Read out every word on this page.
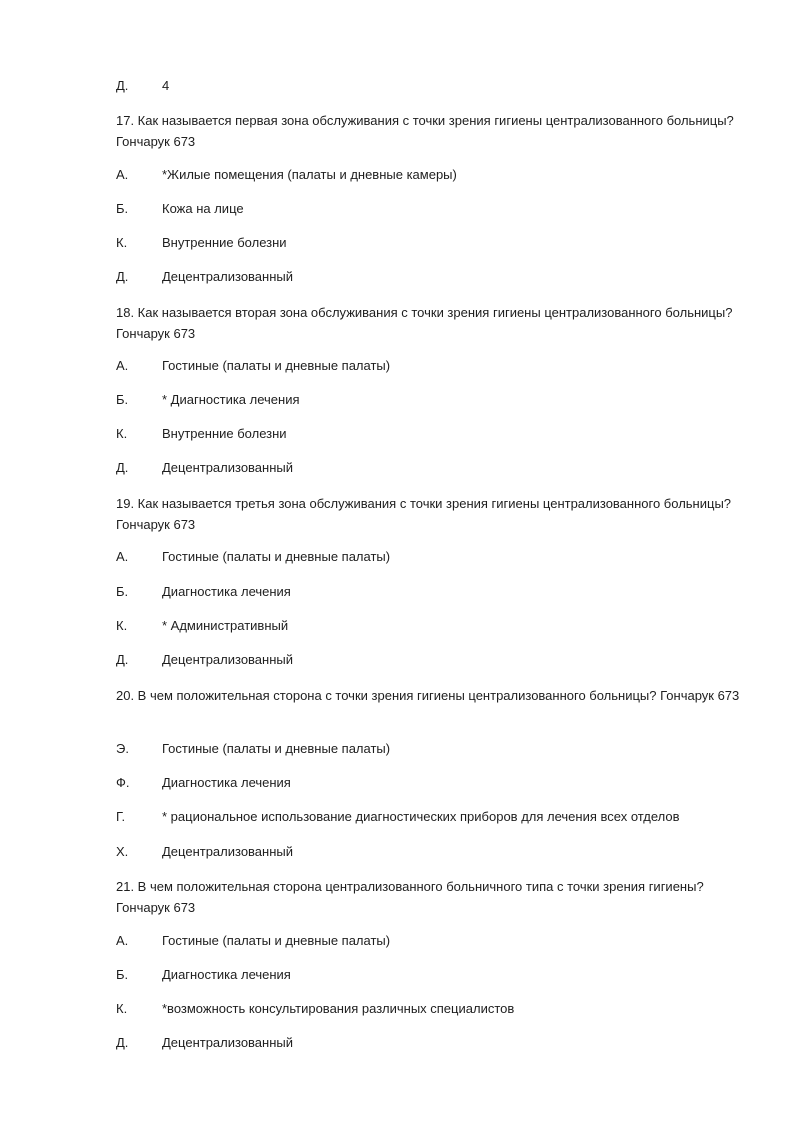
Д.	4
17. Как называется первая зона обслуживания с точки зрения гигиены централизованного больницы? Гончарук 673
А.	*Жилые помещения (палаты и дневные камеры)
Б.	Кожа на лице
К.	Внутренние болезни
Д.	Децентрализованный
18. Как называется вторая зона обслуживания с точки зрения гигиены централизованного больницы? Гончарук 673
А.	Гостиные (палаты и дневные палаты)
Б.	* Диагностика лечения
К.	Внутренние болезни
Д.	Децентрализованный
19. Как называется третья зона обслуживания с точки зрения гигиены централизованного больницы? Гончарук 673
А.	Гостиные (палаты и дневные палаты)
Б.	Диагностика лечения
К.	* Административный
Д.	Децентрализованный
20. В чем положительная сторона с точки зрения гигиены централизованного больницы? Гончарук 673
Э.	Гостиные (палаты и дневные палаты)
Ф.	Диагностика лечения
Г.	* рациональное использование диагностических приборов для лечения всех отделов
Х.	Децентрализованный
21. В чем положительная сторона централизованного больничного типа с точки зрения гигиены? Гончарук 673
А.	Гостиные (палаты и дневные палаты)
Б.	Диагностика лечения
К.	*возможность консультирования различных специалистов
Д.	Децентрализованный
